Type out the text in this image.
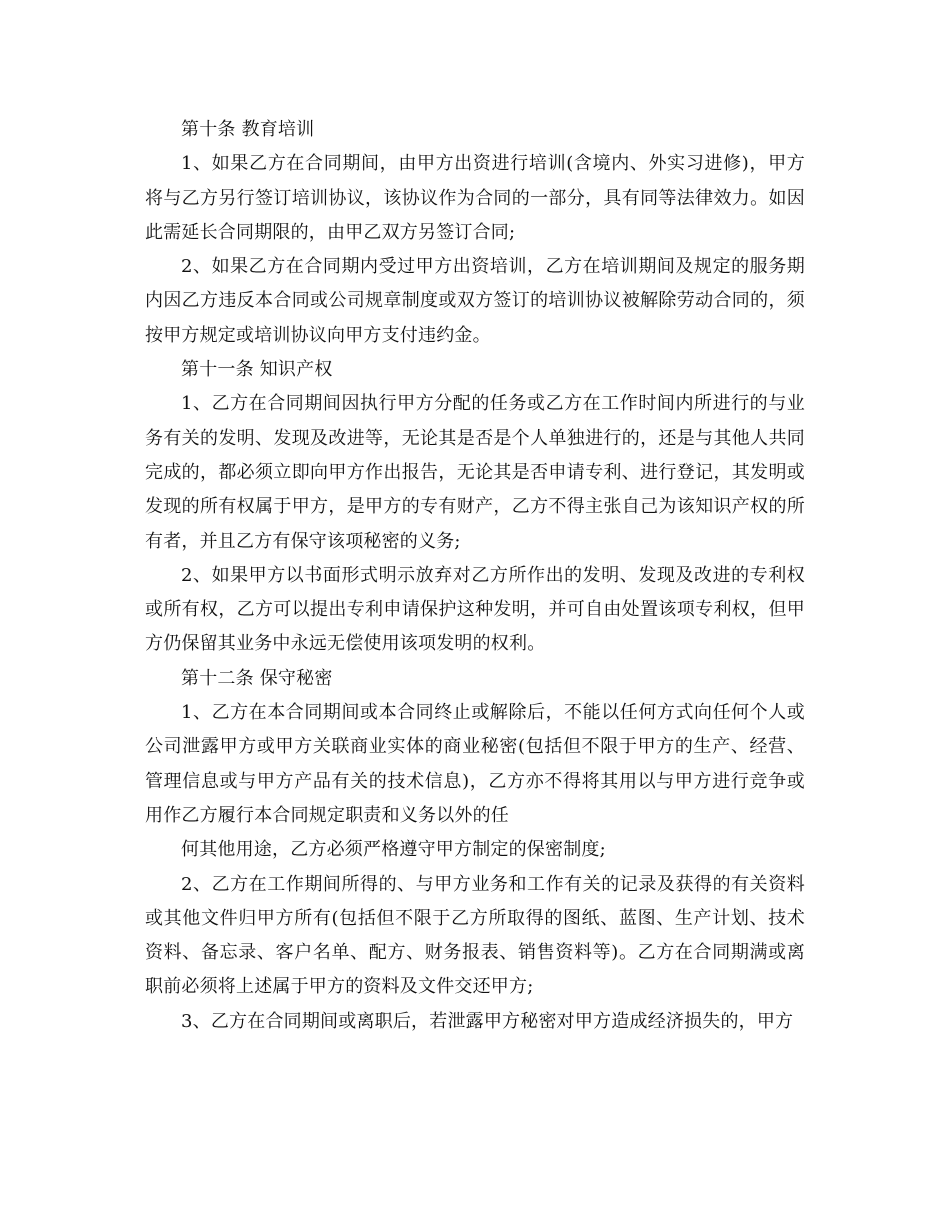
第十条 教育培训

1、如果乙方在合同期间，由甲方出资进行培训(含境内、外实习进修)，甲方将与乙方另行签订培训协议，该协议作为合同的一部分，具有同等法律效力。如因此需延长合同期限的，由甲乙双方另签订合同;

2、如果乙方在合同期内受过甲方出资培训，乙方在培训期间及规定的服务期内因乙方违反本合同或公司规章制度或双方签订的培训协议被解除劳动合同的，须按甲方规定或培训协议向甲方支付违约金。

第十一条 知识产权

1、乙方在合同期间因执行甲方分配的任务或乙方在工作时间内所进行的与业务有关的发明、发现及改进等，无论其是否是个人单独进行的，还是与其他人共同完成的，都必须立即向甲方作出报告，无论其是否申请专利、进行登记，其发明或发现的所有权属于甲方，是甲方的专有财产，乙方不得主张自己为该知识产权的所有者，并且乙方有保守该项秘密的义务;

2、如果甲方以书面形式明示放弃对乙方所作出的发明、发现及改进的专利权或所有权，乙方可以提出专利申请保护这种发明，并可自由处置该项专利权，但甲方仍保留其业务中永远无偿使用该项发明的权利。

第十二条 保守秘密

1、乙方在本合同期间或本合同终止或解除后，不能以任何方式向任何个人或公司泄露甲方或甲方关联商业实体的商业秘密(包括但不限于甲方的生产、经营、管理信息或与甲方产品有关的技术信息)，乙方亦不得将其用以与甲方进行竞争或用作乙方履行本合同规定职责和义务以外的任

何其他用途，乙方必须严格遵守甲方制定的保密制度;

2、乙方在工作期间所得的、与甲方业务和工作有关的记录及获得的有关资料或其他文件归甲方所有(包括但不限于乙方所取得的图纸、蓝图、生产计划、技术资料、备忘录、客户名单、配方、财务报表、销售资料等)。乙方在合同期满或离职前必须将上述属于甲方的资料及文件交还甲方;

3、乙方在合同期间或离职后，若泄露甲方秘密对甲方造成经济损失的，甲方
